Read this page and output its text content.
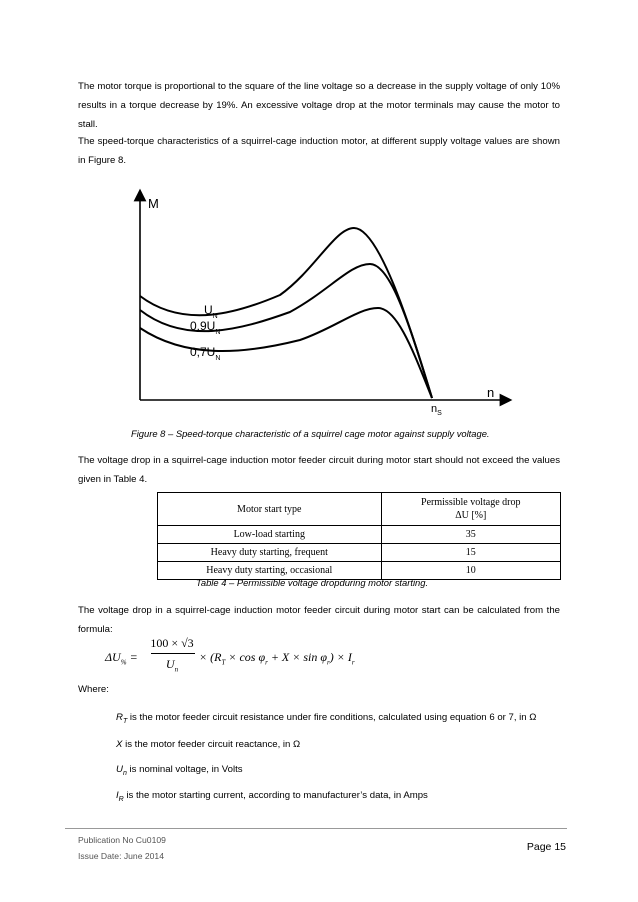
The motor torque is proportional to the square of the line voltage so a decrease in the supply voltage of only 10% results in a torque decrease by 19%. An excessive voltage drop at the motor terminals may cause the motor to stall.

The speed-torque characteristics of a squirrel-cage induction motor, at different supply voltage values are shown in Figure 8.

M
n
$n_S$
$U_N$
$0,9U_N$
$0,7U_N$
Figure 8 – Speed-torque characteristic of a squirrel cage motor against supply voltage.

The voltage drop in a squirrel-cage induction motor feeder circuit during motor start should not exceed the values given in Table 4.

Motor start type	Permissible voltage drop
ΔU [%]

Low-load starting	35
Heavy duty starting, frequent	15
Heavy duty starting, occasional	10
Table 4 – Permissible voltage dropduring motor starting.

The voltage drop in a squirrel-cage induction motor feeder circuit during motor start can be calculated from the formula:

$\Delta U_{\%}$ =
100 × √3
$U_n$
× $(R_T \times \cos \varphi_r + X \times \sin \varphi_r) \times I_r$
Where:
$R_T$ is the motor feeder circuit resistance under fire conditions, calculated using equation 6 or 7, in Ω
X is the motor feeder circuit reactance, in Ω
$U_n$ is nominal voltage, in Volts
$I_R$ is the motor starting current, according to manufacturer’s data, in Amps
Publication No Cu0109
Issue Date: June 2014
Page 15
